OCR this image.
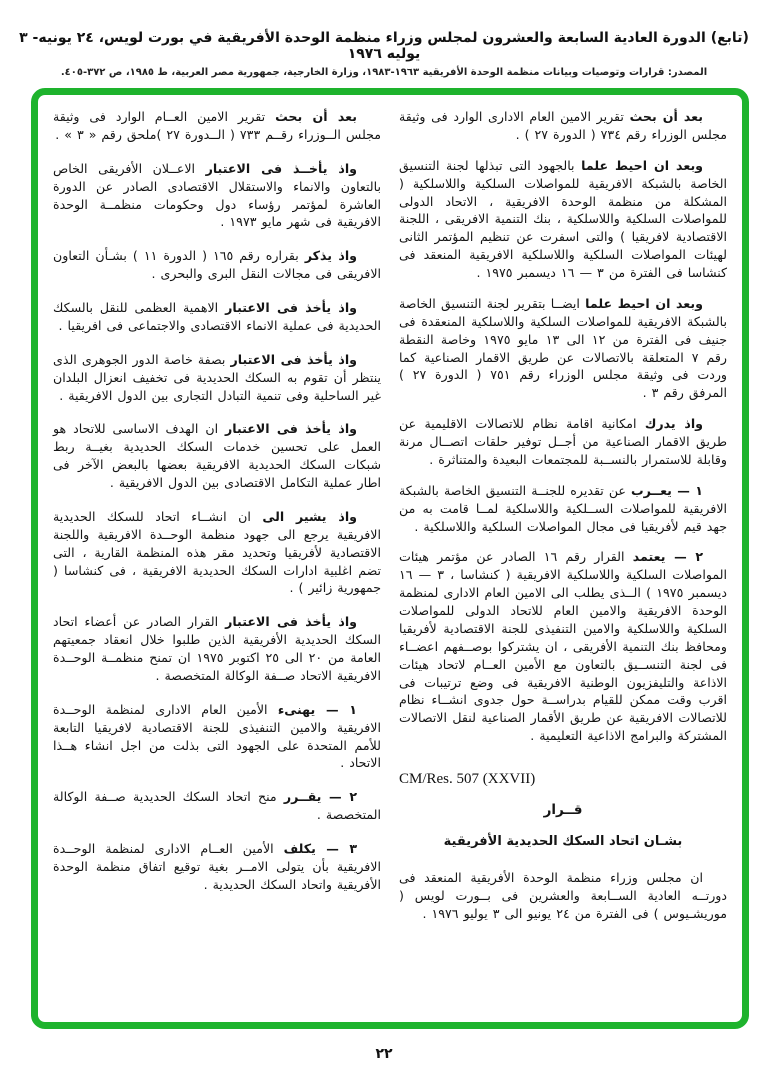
(تابع) الدورة العادية السابعة والعشرون لمجلس وزراء منظمة الوحدة الأفريقية في بورت لويس، ٢٤ يونيه- ٣ يوليه ١٩٧٦
المصدر: قرارات وتوصيات وبيانات منظمة الوحدة الأفريقية ١٩٦٣-١٩٨٣، وزارة الخارجية، جمهورية مصر العربية، ط ١٩٨٥، ص ٣٧٢-٤٠٥.

بعد أن بحث تقرير الامين العام الادارى الوارد فى وثيقة مجلس الوزراء رقم ٧٣٤ ( الدورة ٢٧ ) .

وبعد ان احيط علما بالجهود التى تبذلها لجنة التنسيق الخاصة بالشبكة الافريقية للمواصلات السلكية واللاسلكية ( المشكلة من منظمة الوحدة الافريقية ، الاتحاد الدولى للمواصلات السلكية واللاسلكية ، بنك التنمية الافريقى ، اللجنة الاقتصادية لافريقيا ) والتى اسفرت عن تنظيم المؤتمر الثانى لهيئات المواصلات السلكية واللاسلكية الافريقية المنعقد فى كنشاسا فى الفترة من ٣ — ١٦ ديسمبر ١٩٧٥ .

وبعد ان احيط علما ايضــا بتقرير لجنة التنسيق الخاصة بالشبكة الافريقية للمواصلات السلكية واللاسلكية المنعقدة فى جنيف فى الفترة من ١٢ الى ١٣ مايو ١٩٧٥ وخاصة النقطة رقم ٧ المتعلقة بالاتصالات عن طريق الاقمار الصناعية كما وردت فى وثيقة مجلس الوزراء رقم ٧٥١ ( الدورة ٢٧ ) المرفق رقم ٣ .

واذ يدرك امكانية اقامة نظام للاتصالات الاقليمية عن طريق الاقمار الصناعية من أجــل توفير حلقات اتصــال مرنة وقابلة للاستمرار بالنســبة للمجتمعات البعيدة والمتناثرة .

١ — يعــرب عن تقديره للجنــة التنسيق الخاصة بالشبكة الافريقية للمواصلات الســلكية واللاسلكية لمــا قامت به من جهد قيم لأفريقيا فى مجال المواصلات السلكية واللاسلكية .

٢ — يعتمد القرار رقم ١٦ الصادر عن مؤتمر هيئات المواصلات السلكية واللاسلكية الافريقية ( كنشاسا ، ٣ — ١٦ ديسمبر ١٩٧٥ ) الــذى يطلب الى الامين العام الادارى لمنظمة الوحدة الافريقية والامين العام للاتحاد الدولى للمواصلات السلكية واللاسلكية والامين التنفيذى للجنة الاقتصادية لأفريقيا ومحافظ بنك التنمية الأفريقى ، ان يشتركوا بوصــفهم اعضــاء فى لجنة التنســيق بالتعاون مع الأمين العــام لاتحاد هيئات الاذاعة والتليفزيون الوطنية الافريقية فى وضع ترتيبات فى اقرب وقت ممكن للقيام بدراســة حول جدوى انشــاء نظام للاتصالات الافريقية عن طريق الأقمار الصناعية لنقل الاتصالات المشتركة والبرامج الاذاعية التعليمية .

CM/Res. 507 (XXVII)
قــرار
بشـان اتحاد السكك الحديدية الأفريقية

ان مجلس وزراء منظمة الوحدة الأفريقية المنعقد فى دورتــه العادية الســابعة والعشرين فى بــورت لويس ( موريشـيوس ) فى الفترة من ٢٤ يونيو الى ٣ يوليو ١٩٧٦ .

بعد أن بحث تقرير الامين العــام الوارد فى وثيقة مجلس الــوزراء رقــم ٧٣٣ ( الــدورة ٢٧ )ملحق رقم « ٣ » .

واذ يأخــذ فى الاعتبار الاعــلان الأفريقى الخاص بالتعاون والانماء والاستقلال الاقتصادى الصادر عن الدورة العاشرة لمؤتمر رؤساء دول وحكومات منظمــة الوحدة الافريقية فى شهر مايو ١٩٧٣ .

واذ يذكر بقراره رقم ١٦٥ ( الدورة ١١ ) بشـأن التعاون الافريقى فى مجالات النقل البرى والبحرى .

واذ يأخذ فى الاعتبار الاهمية العظمى للنقل بالسكك الحديدية فى عملية الانماء الاقتصادى والاجتماعى فى افريقيا .

واذ يأخذ فى الاعتبار بصفة خاصة الدور الجوهرى الذى ينتظر أن تقوم به السكك الحديدية فى تخفيف انعزال البلدان غير الساحلية وفى تنمية التبادل التجارى بين الدول الافريقية .

واذ يأخذ فى الاعتبار ان الهدف الاساسى للاتحاد هو العمل على تحسين خدمات السكك الحديدية بغيــة ربط شبكات السكك الحديدية الافريقية بعضها بالبعض الآخر فى اطار عملية التكامل الاقتصادى بين الدول الافريقية .

واذ يشير الى ان انشــاء اتحاد للسكك الحديدية الافريقية يرجع الى جهود منظمة الوحــدة الافريقية واللجنة الاقتصادية لأفريقيا وتحديد مقر هذه المنظمة القارية ، التى تضم اغلبية ادارات السكك الحديدية الافريقية ، فى كنشاسا ( جمهورية زائير ) .

واذ يأخذ فى الاعتبار القرار الصادر عن أعضاء اتحاد السكك الحديدية الأفريقية الذين طلبوا خلال انعقاد جمعيتهم العامة من ٢٠ الى ٢٥ اكتوبر ١٩٧٥ ان تمنح منظمــة الوحــدة الافريقية الاتحاد صــفة الوكالة المتخصصة .

١ — يهنىء الأمين العام الادارى لمنظمة الوحــدة الافريقية والامين التنفيذى للجنة الاقتصادية لافريقيا التابعة للأمم المتحدة على الجهود التى بذلت من اجل انشاء هــذا الاتحاد .

٢ — يقــرر منح اتحاد السكك الحديدية صــفة الوكالة المتخصصة .

٣ — يكلف الأمين العــام الادارى لمنظمة الوحــدة الافريقية بأن يتولى الامــر بغية توقيع اتفاق منظمة الوحدة الأفريقية واتحاد السكك الحديدية .

٢٢
